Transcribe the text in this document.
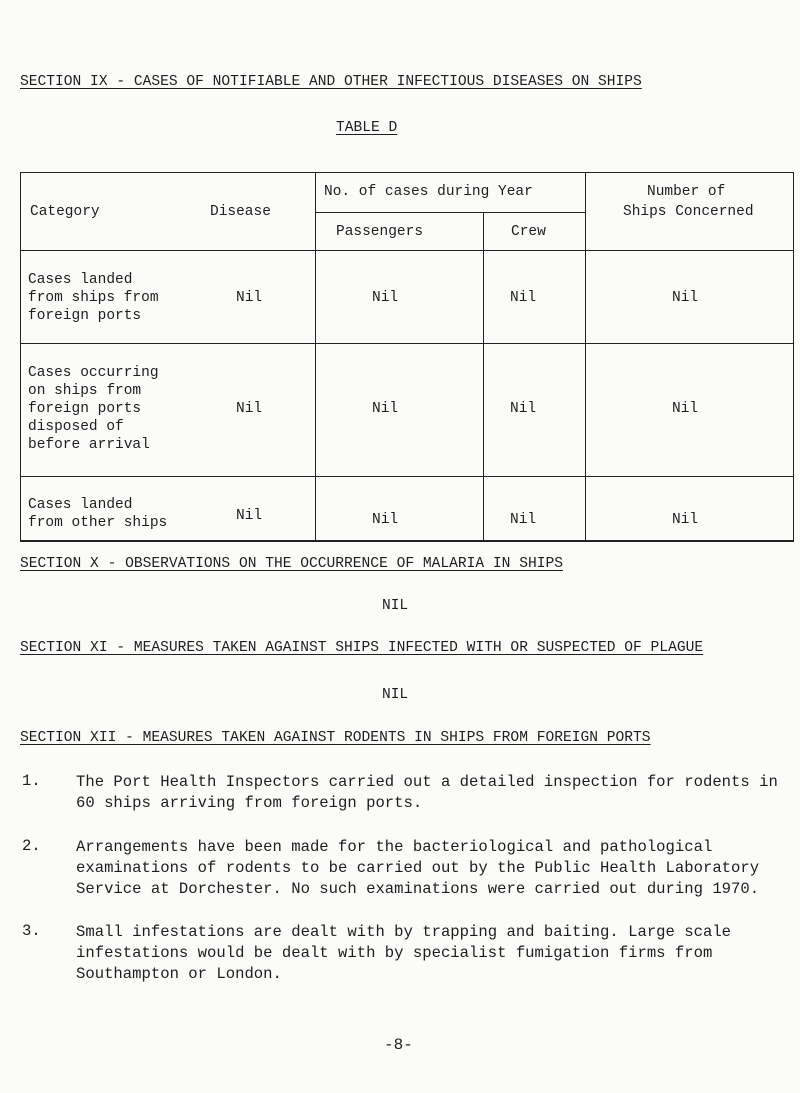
SECTION IX - CASES OF NOTIFIABLE AND OTHER INFECTIOUS DISEASES ON SHIPS
TABLE D
Category	Disease
No. of cases during Year
Passengers	Crew
Number of
Ships Concerned
Cases landed
from ships from
foreign ports
Nil	Nil	Nil	Nil
Cases occurring
on ships from
foreign ports
disposed of
before arrival
Nil	Nil	Nil	Nil
Cases landed
from other ships	Nil	Nil	Nil	Nil
SECTION X - OBSERVATIONS ON THE OCCURRENCE OF MALARIA IN SHIPS
NIL
SECTION XI - MEASURES TAKEN AGAINST SHIPS INFECTED WITH OR SUSPECTED OF PLAGUE
NIL
SECTION XII - MEASURES TAKEN AGAINST RODENTS IN SHIPS FROM FOREIGN PORTS
1. The Port Health Inspectors carried out a detailed inspection for rodents in
60 ships arriving from foreign ports.
2. Arrangements have been made for the bacteriological and pathological
examinations of rodents to be carried out by the Public Health Laboratory
Service at Dorchester. No such examinations were carried out during 1970.
3. Small infestations are dealt with by trapping and baiting. Large scale
infestations would be dealt with by specialist fumigation firms from
Southampton or London.
-8-
